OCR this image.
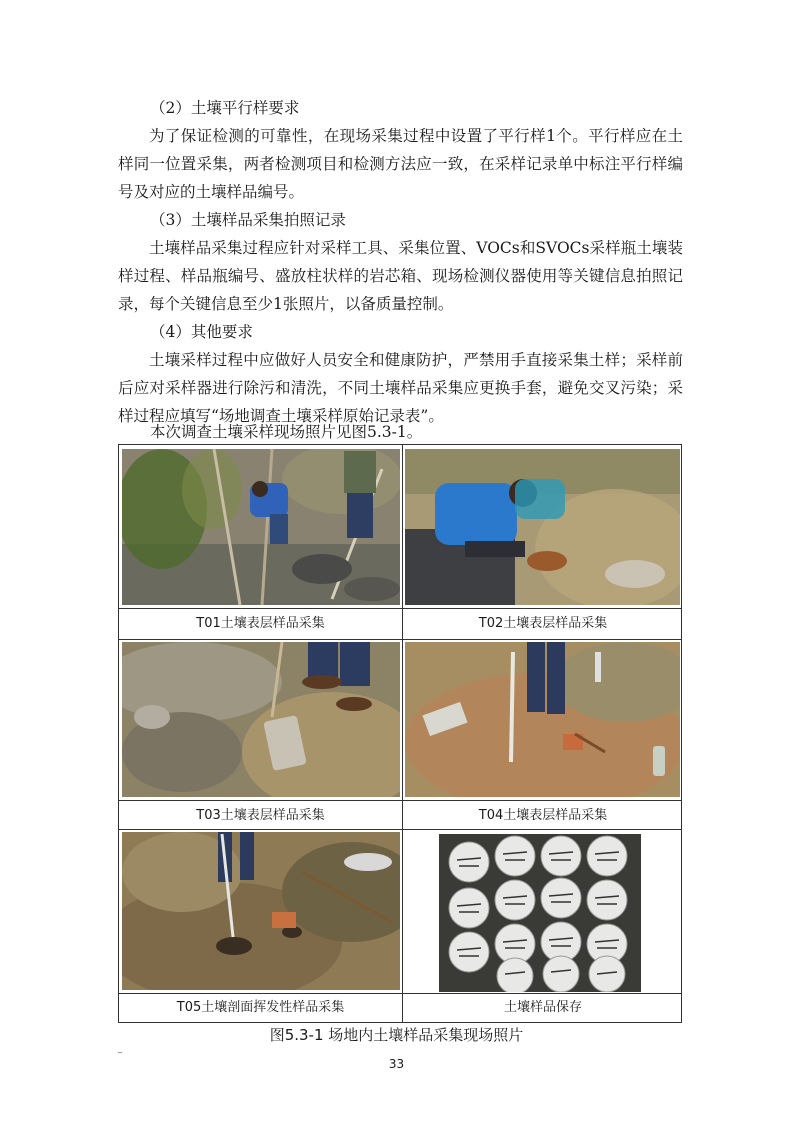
（2）土壤平行样要求

为了保证检测的可靠性，在现场采集过程中设置了平行样1个。平行样应在土样同一位置采集，两者检测项目和检测方法应一致，在采样记录单中标注平行样编号及对应的土壤样品编号。

（3）土壤样品采集拍照记录

土壤样品采集过程应针对采样工具、采集位置、VOCs和SVOCs采样瓶土壤装样过程、样品瓶编号、盛放柱状样的岩芯箱、现场检测仪器使用等关键信息拍照记录，每个关键信息至少1张照片，以备质量控制。

（4）其他要求

土壤采样过程中应做好人员安全和健康防护，严禁用手直接采集土样；采样前后应对采样器进行除污和清洗，不同土壤样品采集应更换手套，避免交叉污染；采样过程应填写“场地调查土壤采样原始记录表”。

本次调查土壤采样现场照片见图5.3-1。

T01土壤表层样品采集	T02土壤表层样品采集
T03土壤表层样品采集	T04土壤表层样品采集
T05土壤剖面挥发性样品采集	土壤样品保存
图5.3-1 场地内土壤样品采集现场照片
33
